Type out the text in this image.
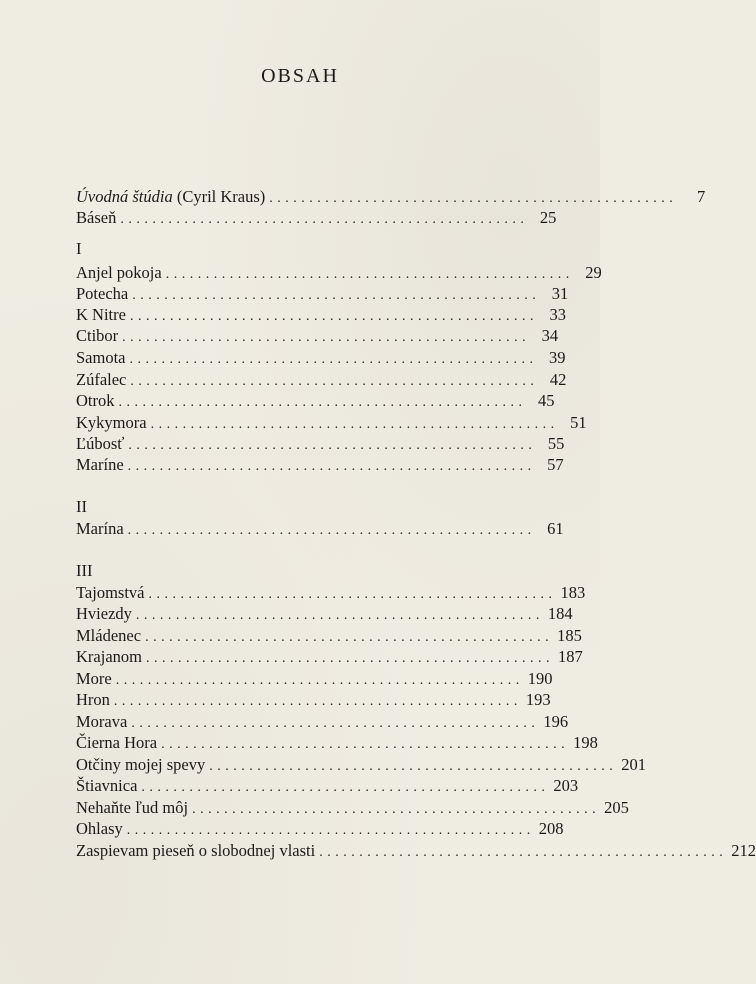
OBSAH
Úvodná štúdia (Cyril Kraus) ...................................................	7
Báseň ................................................... 25
I
Anjel pokoja ................................................... 29
Potecha ................................................... 31
K Nitre ................................................... 33
Ctibor ................................................... 34
Samota ................................................... 39
Zúfalec ................................................... 42
Otrok ................................................... 45
Kykymora ................................................... 51
Ľúbosť ................................................... 55
Maríne ................................................... 57
II
Marína ................................................... 61
III
Tajomstvá ................................................... 183
Hviezdy ................................................... 184
Mládenec ................................................... 185
Krajanom ................................................... 187
More ................................................... 190
Hron ................................................... 193
Morava ................................................... 196
Čierna Hora ................................................... 198
Otčiny mojej spevy ................................................... 201
Štiavnica ................................................... 203
Nehaňte ľud môj ................................................... 205
Ohlasy ................................................... 208
Zaspievam pieseň o slobodnej vlasti ................................................... 212
